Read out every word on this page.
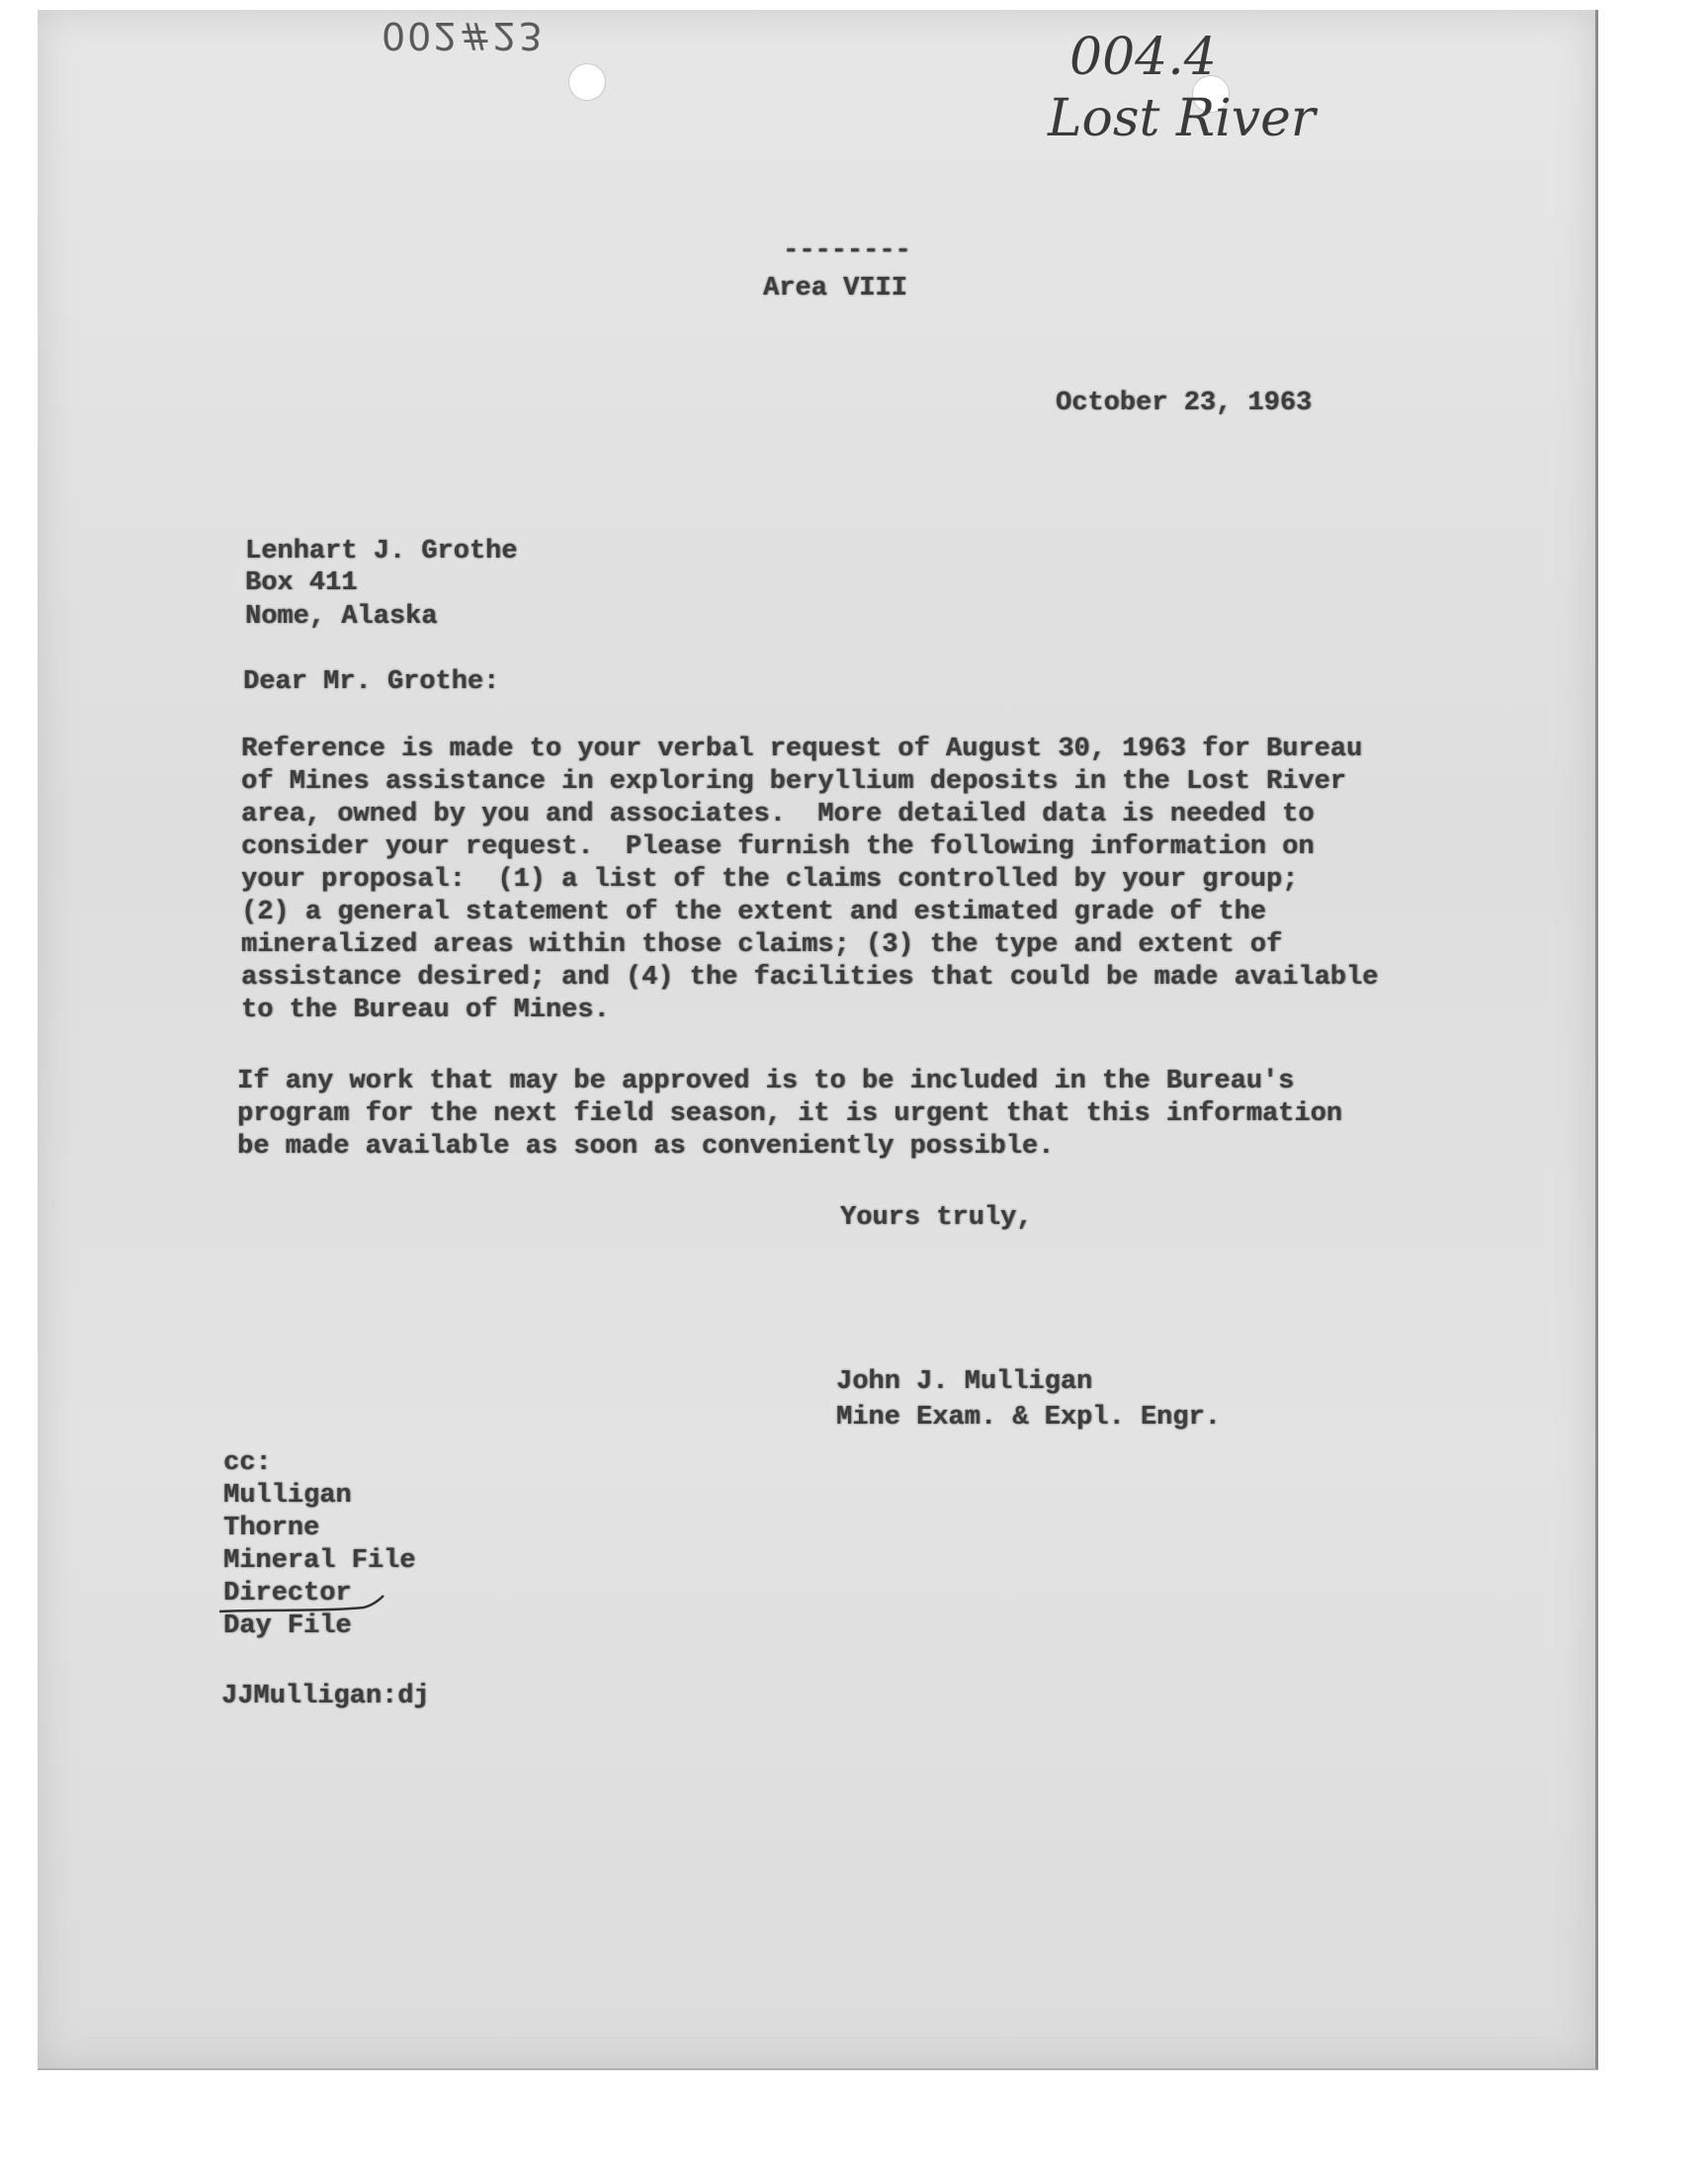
002#23	004.4
Lost River
--------
Area VIII
October 23, 1963
Lenhart J. Grothe
Box 411
Nome, Alaska
Dear Mr. Grothe:
Reference is made to your verbal request of August 30, 1963 for Bureau
of Mines assistance in exploring beryllium deposits in the Lost River
area, owned by you and associates.  More detailed data is needed to
consider your request.  Please furnish the following information on
your proposal:  (1) a list of the claims controlled by your group;
(2) a general statement of the extent and estimated grade of the
mineralized areas within those claims; (3) the type and extent of
assistance desired; and (4) the facilities that could be made available
to the Bureau of Mines.
If any work that may be approved is to be included in the Bureau's
program for the next field season, it is urgent that this information
be made available as soon as conveniently possible.
Yours truly,
John J. Mulligan
Mine Exam. & Expl. Engr.
cc:
Mulligan
Thorne
Mineral File
Director
Day File
JJMulligan:dj
